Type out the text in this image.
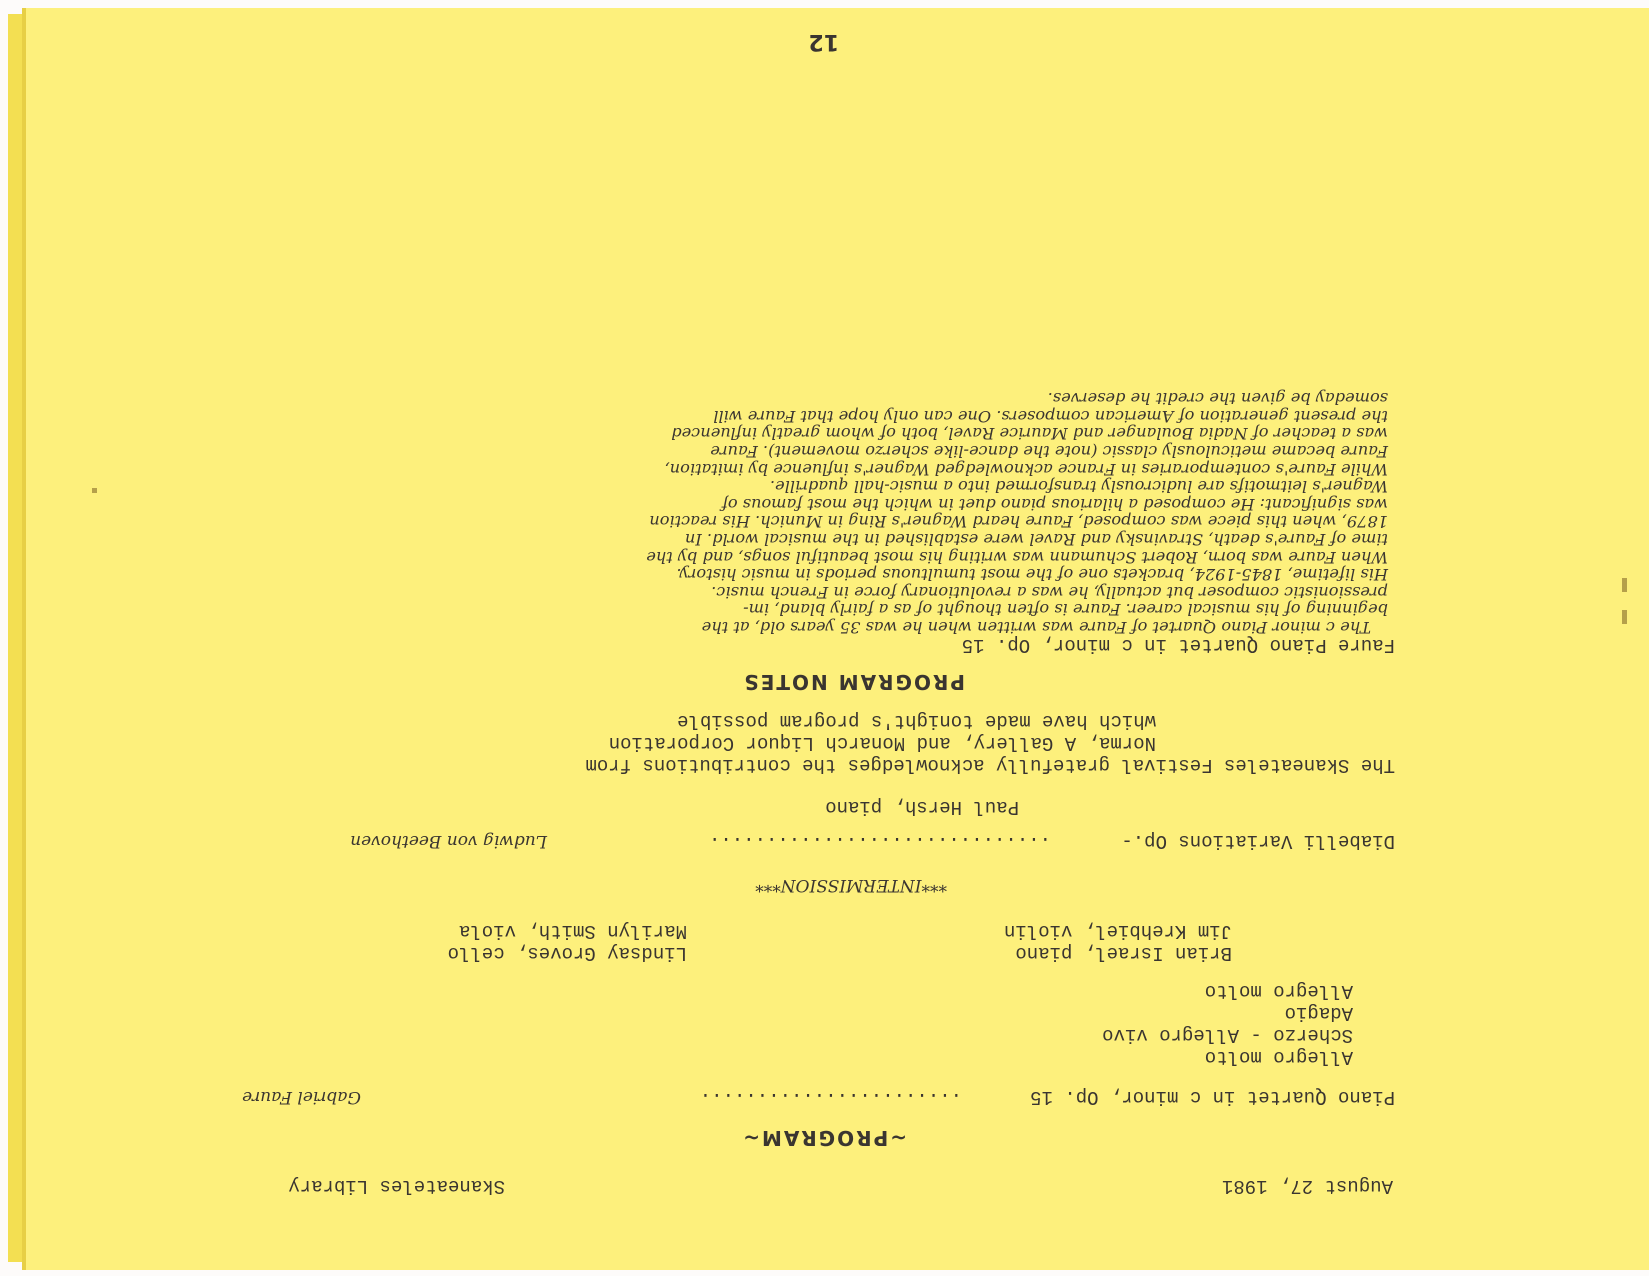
August 27, 1981
Skaneateles Library
~PROGRAM~
Piano Quartet in c minor, Op. 15
.......................
Gabriel Faure
Allegro molto
Scherzo - Allegro vivo
Adagio
Allegro molto
Brian Israel, piano
Jim Krehbiel, violin
Lindsay Groves, cello
Marilyn Smith, viola
***INTERMISSION***
Diabelli Variations Op.-
..............................
Ludwig von Beethoven
Paul Hersh, piano
The Skaneateles Festival gratefully acknowledges the contributions from
Norma, A Gallery, and Monarch Liquor Corporation
which have made tonight's program possible
PROGRAM NOTES
Faure Piano Quartet in c minor, Op. 15
The c minor Piano Quartet of Faure was written when he was 35 years old, at the
beginning of his musical career. Faure is often thought of as a fairly bland, im-
pressionistic composer but actually, he was a revolutionary force in French music.
His lifetime, 1845-1924, brackets one of the most tumultuous periods in music history.
When Faure was born, Robert Schumann was writing his most beautiful songs, and by the
time of Faure's death, Stravinsky and Ravel were established in the musical world. In
1879, when this piece was composed, Faure heard Wagner's Ring in Munich. His reaction
was significant: He composed a hilarious piano duet in which the most famous of
Wagner's leitmotifs are ludicrously transformed into a music-hall quadrille.
While Faure's contemporaries in France acknowledged Wagner's influence by imitation,
Faure became meticulously classic (note the dance-like scherzo movement). Faure
was a teacher of Nadia Boulanger and Maurice Ravel, both of whom greatly influenced
the present generation of American composers. One can only hope that Faure will
someday be given the credit he deserves.
12
